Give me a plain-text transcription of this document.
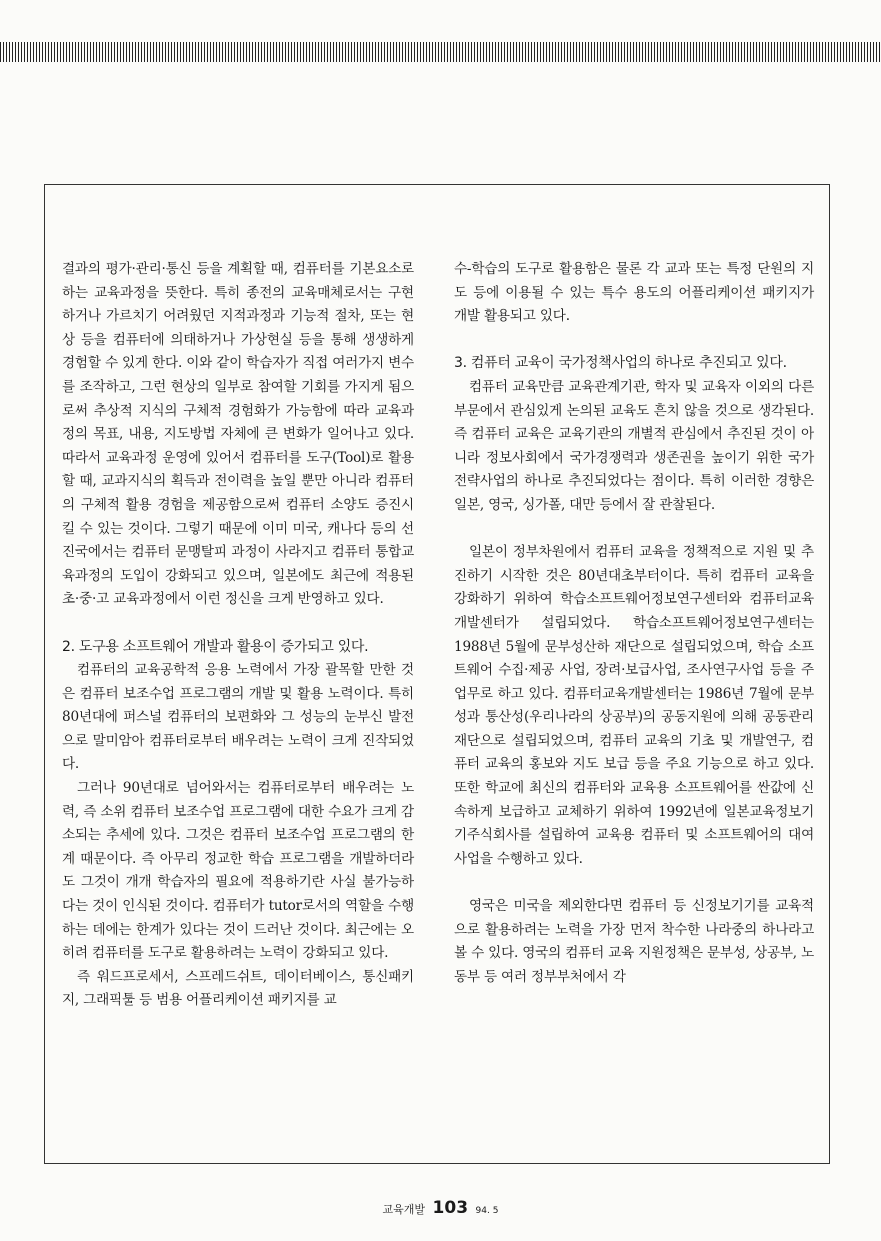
결과의 평가·관리·통신 등을 계획할 때, 컴퓨터를 기본요소로하는 교육과정을 뜻한다. 특히 종전의 교육매체로서는 구현하거나 가르치기 어려웠던 지적과정과 기능적 절차, 또는 현상 등을 컴퓨터에 의태하거나 가상현실 등을 통해 생생하게 경험할 수 있게 한다. 이와 같이 학습자가 직접 여러가지 변수를 조작하고, 그런 현상의 일부로 참여할 기회를 가지게 됨으로써 추상적 지식의 구체적 경험화가 가능함에 따라 교육과정의 목표, 내용, 지도방법 자체에 큰 변화가 일어나고 있다. 따라서 교육과정 운영에 있어서 컴퓨터를 도구(Tool)로 활용할 때, 교과지식의 획득과 전이력을 높일 뿐만 아니라 컴퓨터의 구체적 활용 경험을 제공함으로써 컴퓨터 소양도 증진시킬 수 있는 것이다. 그렇기 때문에 이미 미국, 캐나다 등의 선진국에서는 컴퓨터 문맹탈피 과정이 사라지고 컴퓨터 통합교육과정의 도입이 강화되고 있으며, 일본에도 최근에 적용된 초·중·고 교육과정에서 이런 정신을 크게 반영하고 있다.

2. 도구용 소프트웨어 개발과 활용이 증가되고 있다.

컴퓨터의 교육공학적 응용 노력에서 가장 괄목할 만한 것은 컴퓨터 보조수업 프로그램의 개발 및 활용 노력이다. 특히 80년대에 퍼스널 컴퓨터의 보편화와 그 성능의 눈부신 발전으로 말미암아 컴퓨터로부터 배우려는 노력이 크게 진작되었다.

그러나 90년대로 넘어와서는 컴퓨터로부터 배우려는 노력, 즉 소위 컴퓨터 보조수업 프로그램에 대한 수요가 크게 감소되는 추세에 있다. 그것은 컴퓨터 보조수업 프로그램의 한계 때문이다. 즉 아무리 정교한 학습 프로그램을 개발하더라도 그것이 개개 학습자의 필요에 적용하기란 사실 불가능하다는 것이 인식된 것이다. 컴퓨터가 tutor로서의 역할을 수행하는 데에는 한계가 있다는 것이 드러난 것이다. 최근에는 오히려 컴퓨터를 도구로 활용하려는 노력이 강화되고 있다.

즉 워드프로세서, 스프레드쉬트, 데이터베이스, 통신패키지, 그래픽툴 등 범용 어플리케이션 패키지를 교

수-학습의 도구로 활용함은 물론 각 교과 또는 특정 단원의 지도 등에 이용될 수 있는 특수 용도의 어플리케이션 패키지가 개발 활용되고 있다.

3. 컴퓨터 교육이 국가정책사업의 하나로 추진되고 있다.

컴퓨터 교육만큼 교육관계기관, 학자 및 교육자 이외의 다른 부문에서 관심있게 논의된 교육도 흔치 않을 것으로 생각된다. 즉 컴퓨터 교육은 교육기관의 개별적 관심에서 추진된 것이 아니라 정보사회에서 국가경쟁력과 생존권을 높이기 위한 국가전략사업의 하나로 추진되었다는 점이다. 특히 이러한 경향은 일본, 영국, 싱가폴, 대만 등에서 잘 관찰된다.

일본이 정부차원에서 컴퓨터 교육을 정책적으로 지원 및 추진하기 시작한 것은 80년대초부터이다. 특히 컴퓨터 교육을 강화하기 위하여 학습소프트웨어정보연구센터와 컴퓨터교육개발센터가 설립되었다. 학습소프트웨어정보연구센터는 1988년 5월에 문부성산하 재단으로 설립되었으며, 학습 소프트웨어 수집·제공 사업, 장려·보급사업, 조사연구사업 등을 주 업무로 하고 있다. 컴퓨터교육개발센터는 1986년 7월에 문부성과 통산성(우리나라의 상공부)의 공동지원에 의해 공동관리재단으로 설립되었으며, 컴퓨터 교육의 기초 및 개발연구, 컴퓨터 교육의 홍보와 지도 보급 등을 주요 기능으로 하고 있다. 또한 학교에 최신의 컴퓨터와 교육용 소프트웨어를 싼값에 신속하게 보급하고 교체하기 위하여 1992년에 일본교육정보기기주식회사를 설립하여 교육용 컴퓨터 및 소프트웨어의 대여 사업을 수행하고 있다.

영국은 미국을 제외한다면 컴퓨터 등 신정보기기를 교육적으로 활용하려는 노력을 가장 먼저 착수한 나라중의 하나라고 볼 수 있다. 영국의 컴퓨터 교육 지원정책은 문부성, 상공부, 노동부 등 여러 정부부처에서 각

교육개발 103 94. 5
